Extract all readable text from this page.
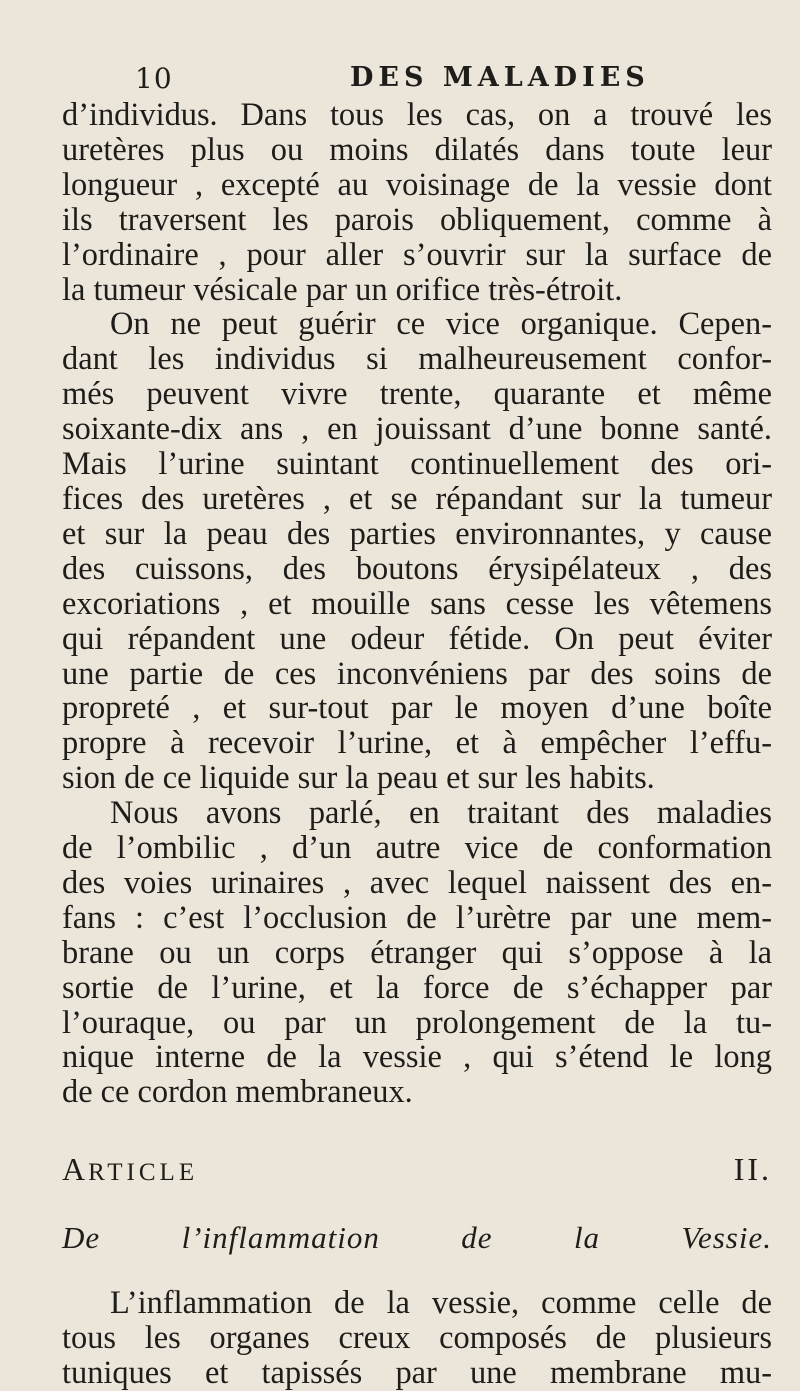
10	DES MALADIES
d’individus. Dans tous les cas, on a trouvé les
uretères plus ou moins dilatés dans toute leur
longueur , excepté au voisinage de la vessie dont
ils traversent les parois obliquement, comme à
l’ordinaire , pour aller s’ouvrir sur la surface de
la tumeur vésicale par un orifice très-étroit.
On ne peut guérir ce vice organique. Cepen-
dant les individus si malheureusement confor-
més peuvent vivre trente, quarante et même
soixante-dix ans , en jouissant d’une bonne santé.
Mais l’urine suintant continuellement des ori-
fices des uretères , et se répandant sur la tumeur
et sur la peau des parties environnantes, y cause
des cuissons, des boutons érysipélateux , des
excoriations , et mouille sans cesse les vêtemens
qui répandent une odeur fétide. On peut éviter
une partie de ces inconvéniens par des soins de
propreté , et sur-tout par le moyen d’une boîte
propre à recevoir l’urine, et à empêcher l’effu-
sion de ce liquide sur la peau et sur les habits.
Nous avons parlé, en traitant des maladies
de l’ombilic , d’un autre vice de conformation
des voies urinaires , avec lequel naissent des en-
fans : c’est l’occlusion de l’urètre par une mem-
brane ou un corps étranger qui s’oppose à la
sortie de l’urine, et la force de s’échapper par
l’ouraque, ou par un prolongement de la tu-
nique interne de la vessie , qui s’étend le long
de ce cordon membraneux.
ARTICLE	II.
De l’inflammation de la Vessie.
L’inflammation de la vessie, comme celle de
tous les organes creux composés de plusieurs
tuniques et tapissés par une membrane mu-
